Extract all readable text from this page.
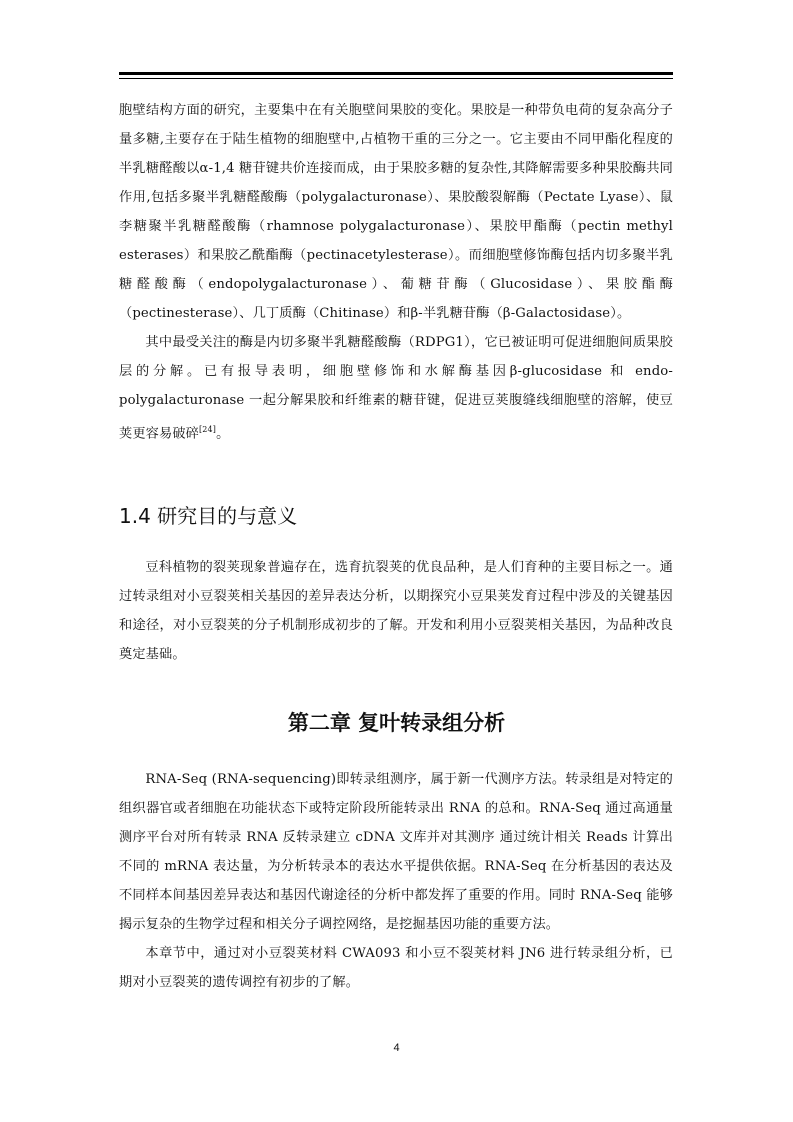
胞壁结构方面的研究，主要集中在有关胞壁间果胶的变化。果胶是一种带负电荷的复杂高分子量多糖,主要存在于陆生植物的细胞壁中,占植物干重的三分之一。它主要由不同甲酯化程度的半乳糖醛酸以α-1,4 糖苷键共价连接而成，由于果胶多糖的复杂性,其降解需要多种果胶酶共同作用,包括多聚半乳糖醛酸酶（polygalacturonase）、果胶酸裂解酶（Pectate Lyase）、鼠李糖聚半乳糖醛酸酶（rhamnose polygalacturonase）、果胶甲酯酶（pectin methyl esterases）和果胶乙酰酯酶（pectinacetylesterase）。而细胞壁修饰酶包括内切多聚半乳糖醛酸酶（endopolygalacturonase）、葡糖苷酶（Glucosidase）、果胶酯酶（pectinesterase）、几丁质酶（Chitinase）和β-半乳糖苷酶（β-Galactosidase）。

其中最受关注的酶是内切多聚半乳糖醛酸酶（RDPG1），它已被证明可促进细胞间质果胶层的分解。已有报导表明，细胞壁修饰和水解酶基因β-glucosidase 和 endo-polygalacturonase 一起分解果胶和纤维素的糖苷键，促进豆荚腹缝线细胞壁的溶解，使豆荚更容易破碎[24]。

1.4 研究目的与意义

豆科植物的裂荚现象普遍存在，选育抗裂荚的优良品种，是人们育种的主要目标之一。通过转录组对小豆裂荚相关基因的差异表达分析，以期探究小豆果荚发育过程中涉及的关键基因和途径，对小豆裂荚的分子机制形成初步的了解。开发和利用小豆裂荚相关基因，为品种改良奠定基础。

第二章 复叶转录组分析

RNA-Seq (RNA-sequencing)即转录组测序，属于新一代测序方法。转录组是对特定的组织器官或者细胞在功能状态下或特定阶段所能转录出 RNA 的总和。RNA-Seq 通过高通量测序平台对所有转录 RNA 反转录建立 cDNA 文库并对其测序 通过统计相关 Reads 计算出不同的 mRNA 表达量，为分析转录本的表达水平提供依据。RNA-Seq 在分析基因的表达及不同样本间基因差异表达和基因代谢途径的分析中都发挥了重要的作用。同时 RNA-Seq 能够揭示复杂的生物学过程和相关分子调控网络，是挖掘基因功能的重要方法。

本章节中，通过对小豆裂荚材料 CWA093 和小豆不裂荚材料 JN6 进行转录组分析，已期对小豆裂荚的遗传调控有初步的了解。

4
